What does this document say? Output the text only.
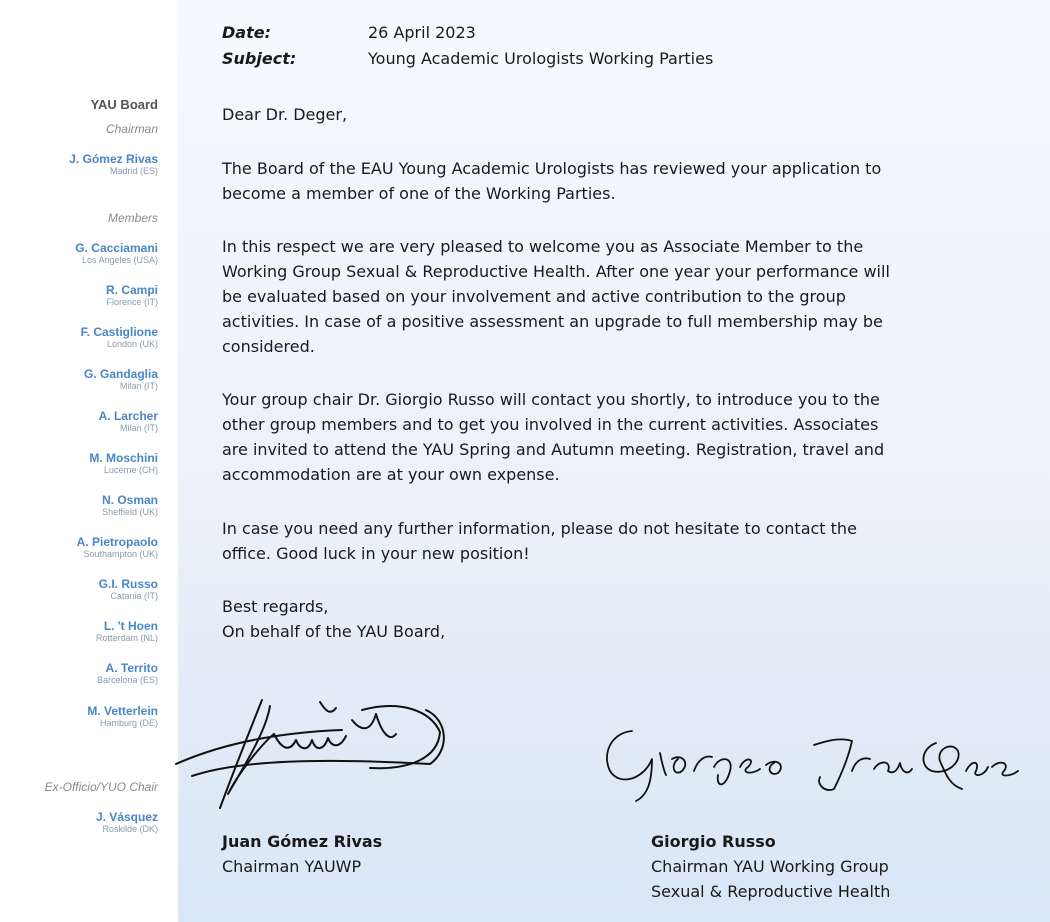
YAU Board
Chairman
J. Gómez Rivas
Madrid (ES)
Members
G. Cacciamani
Los Angeles (USA)
R. Campi
Florence (IT)
F. Castiglione
London (UK)
G. Gandaglia
Milan (IT)
A. Larcher
Milan (IT)
M. Moschini
Lucerne (CH)
N. Osman
Sheffield (UK)
A. Pietropaolo
Southampton (UK)
G.I. Russo
Catania (IT)
L. 't Hoen
Rotterdam (NL)
A. Territo
Barcelona (ES)
M. Vetterlein
Hamburg (DE)
Ex-Officio/YUO Chair
J. Vásquez
Roskilde (DK)
Date:	26 April 2023
Subject:	Young Academic Urologists Working Parties
Dear Dr. Deger,
The Board of the EAU Young Academic Urologists has reviewed your application to
become a member of one of the Working Parties.
In this respect we are very pleased to welcome you as Associate Member to the
Working Group Sexual & Reproductive Health. After one year your performance will
be evaluated based on your involvement and active contribution to the group
activities. In case of a positive assessment an upgrade to full membership may be
considered.
Your group chair Dr. Giorgio Russo will contact you shortly, to introduce you to the
other group members and to get you involved in the current activities. Associates
are invited to attend the YAU Spring and Autumn meeting. Registration, travel and
accommodation are at your own expense.
In case you need any further information, please do not hesitate to contact the
office. Good luck in your new position!
Best regards,
On behalf of the YAU Board,
Juan Gómez Rivas
Chairman YAUWP
Giorgio Russo
Chairman YAU Working Group
Sexual & Reproductive Health
